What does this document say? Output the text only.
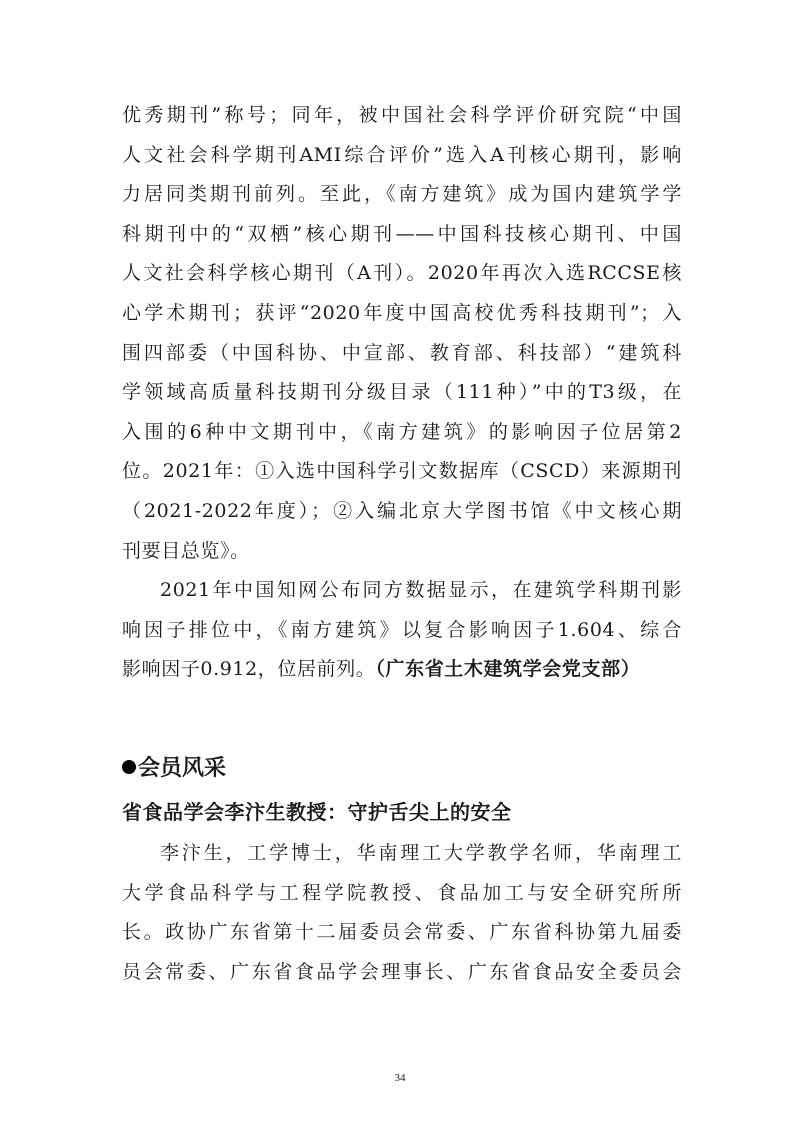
优秀期刊”称号；同年，被中国社会科学评价研究院“中国
人文社会科学期刊AMI综合评价”选入A刊核心期刊，影响
力居同类期刊前列。至此，《南方建筑》成为国内建筑学学
科期刊中的“双栖”核心期刊——中国科技核心期刊、中国
人文社会科学核心期刊（A刊）。2020年再次入选RCCSE核
心学术期刊；获评“2020年度中国高校优秀科技期刊”；入
围四部委（中国科协、中宣部、教育部、科技部）“建筑科
学领域高质量科技期刊分级目录（111种）”中的T3级，在
入围的6种中文期刊中，《南方建筑》的影响因子位居第2
位。2021年：①入选中国科学引文数据库（CSCD）来源期刊
（2021-2022年度）；②入编北京大学图书馆《中文核心期
刊要目总览》。
2021年中国知网公布同方数据显示，在建筑学科期刊影
响因子排位中，《南方建筑》以复合影响因子1.604、综合
影响因子0.912，位居前列。（广东省土木建筑学会党支部）
会员风采
省食品学会李汴生教授：守护舌尖上的安全
李汴生，工学博士，华南理工大学教学名师，华南理工
大学食品科学与工程学院教授、食品加工与安全研究所所
长。政协广东省第十二届委员会常委、广东省科协第九届委
员会常委、广东省食品学会理事长、广东省食品安全委员会
34
